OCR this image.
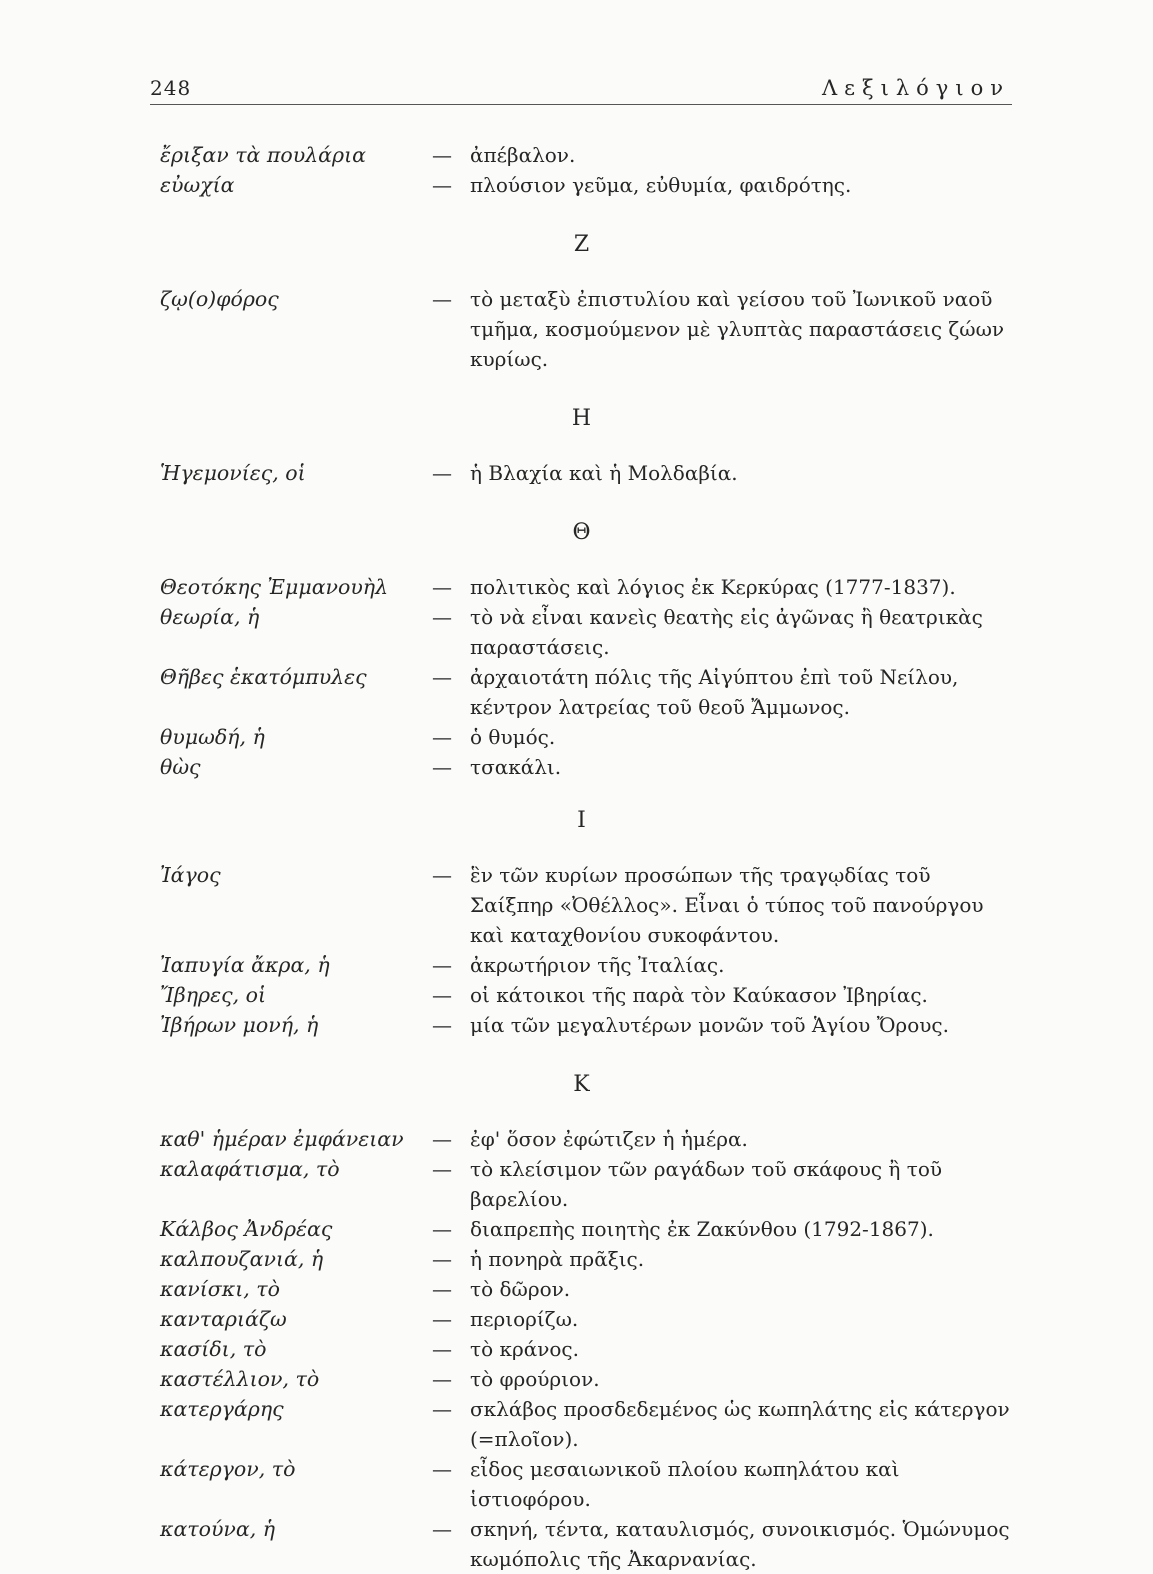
248	Λεξιλόγιον
ἔριξαν τὰ πουλάρια	— ἀπέβαλον.
εὐωχία	— πλούσιον γεῦμα, εὐθυμία, φαιδρότης.
Ζ
ζῳ(ο)φόρος	— τὸ μεταξὺ ἐπιστυλίου καὶ γείσου τοῦ Ἰωνικοῦ ναοῦ τμῆμα, κοσμούμενον μὲ γλυπτὰς παραστάσεις ζώων κυρίως.
Η
Ἡγεμονίες, οἱ	— ἡ Βλαχία καὶ ἡ Μολδαβία.
Θ
Θεοτόκης Ἐμμανουὴλ	— πολιτικὸς καὶ λόγιος ἐκ Κερκύρας (1777-1837).
θεωρία, ἡ	— τὸ νὰ εἶναι κανεὶς θεατὴς εἰς ἀγῶνας ἢ θεατρικὰς παραστάσεις.
Θῆβες ἑκατόμπυλες	— ἀρχαιοτάτη πόλις τῆς Αἰγύπτου ἐπὶ τοῦ Νείλου, κέντρον λατρείας τοῦ θεοῦ Ἄμμωνος.
θυμωδή, ἡ	— ὁ θυμός.
θὼς	— τσακάλι.
Ι
Ἰάγος	— ἓν τῶν κυρίων προσώπων τῆς τραγῳδίας τοῦ Σαίξπηρ «Ὀθέλλος». Εἶναι ὁ τύπος τοῦ πανούργου καὶ καταχθονίου συκοφάντου.
Ἰαπυγία ἄκρα, ἡ	— ἀκρωτήριον τῆς Ἰταλίας.
Ἴβηρες, οἱ	— οἱ κάτοικοι τῆς παρὰ τὸν Καύκασον Ἰβηρίας.
Ἰβήρων μονή, ἡ	— μία τῶν μεγαλυτέρων μονῶν τοῦ Ἁγίου Ὄρους.
Κ
καθ' ἡμέραν ἐμφάνειαν	— ἐφ' ὅσον ἐφώτιζεν ἡ ἡμέρα.
καλαφάτισμα, τὸ	— τὸ κλείσιμον τῶν ραγάδων τοῦ σκάφους ἢ τοῦ βαρελίου.
Κάλβος Ἀνδρέας	— διαπρεπὴς ποιητὴς ἐκ Ζακύνθου (1792-1867).
καλπουζανιά, ἡ	— ἡ πονηρὰ πρᾶξις.
κανίσκι, τὸ	— τὸ δῶρον.
κανταριάζω	— περιορίζω.
κασίδι, τὸ	— τὸ κράνος.
καστέλλιον, τὸ	— τὸ φρούριον.
κατεργάρης	— σκλάβος προσδεδεμένος ὡς κωπηλάτης εἰς κάτεργον (=πλοῖον).
κάτεργον, τὸ	— εἶδος μεσαιωνικοῦ πλοίου κωπηλάτου καὶ ἱστιοφόρου.
κατούνα, ἡ	— σκηνή, τέντα, καταυλισμός, συνοικισμός. Ὁμώνυμος κωμόπολις τῆς Ἀκαρνανίας.
